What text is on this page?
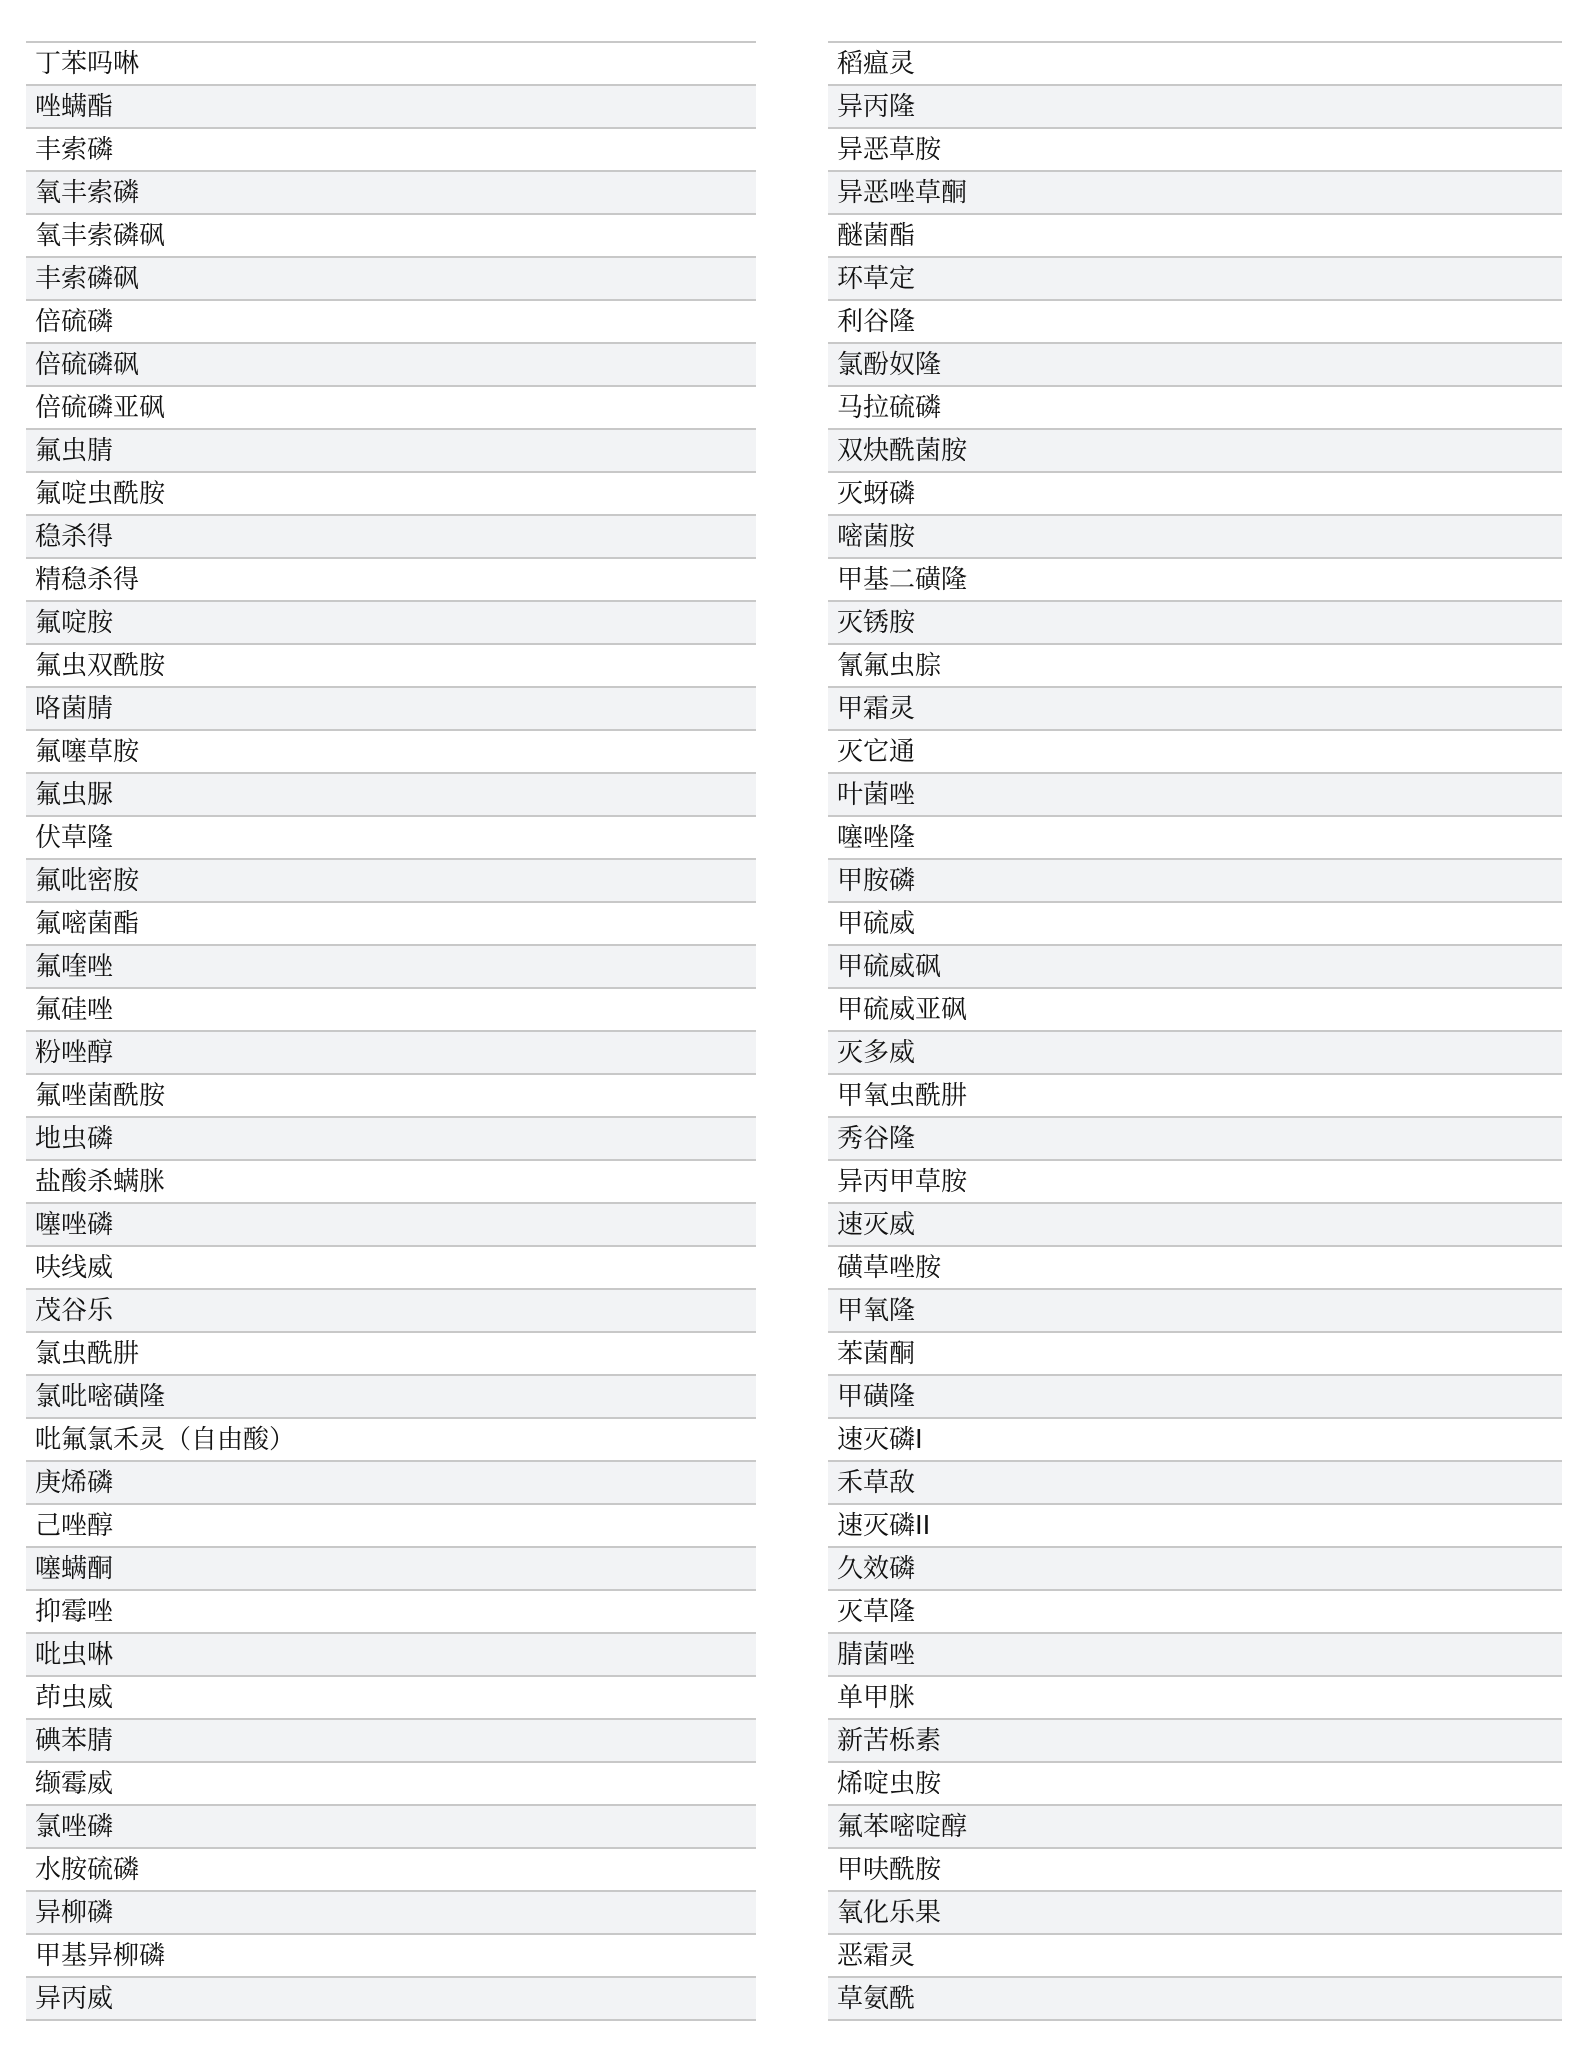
丁苯吗啉
唑螨酯
丰索磷
氧丰索磷
氧丰索磷砜
丰索磷砜
倍硫磷
倍硫磷砜
倍硫磷亚砜
氟虫腈
氟啶虫酰胺
稳杀得
精稳杀得
氟啶胺
氟虫双酰胺
咯菌腈
氟噻草胺
氟虫脲
伏草隆
氟吡密胺
氟嘧菌酯
氟喹唑
氟硅唑
粉唑醇
氟唑菌酰胺
地虫磷
盐酸杀螨脒
噻唑磷
呋线威
茂谷乐
氯虫酰肼
氯吡嘧磺隆
吡氟氯禾灵（自由酸）
庚烯磷
己唑醇
噻螨酮
抑霉唑
吡虫啉
茚虫威
碘苯腈
缬霉威
氯唑磷
水胺硫磷
异柳磷
甲基异柳磷
异丙威
稻瘟灵
异丙隆
异恶草胺
异恶唑草酮
醚菌酯
环草定
利谷隆
氯酚奴隆
马拉硫磷
双炔酰菌胺
灭蚜磷
嘧菌胺
甲基二磺隆
灭锈胺
氰氟虫腙
甲霜灵
灭它通
叶菌唑
噻唑隆
甲胺磷
甲硫威
甲硫威砜
甲硫威亚砜
灭多威
甲氧虫酰肼
秀谷隆
异丙甲草胺
速灭威
磺草唑胺
甲氧隆
苯菌酮
甲磺隆
速灭磷I
禾草敌
速灭磷II
久效磷
灭草隆
腈菌唑
单甲脒
新苦栎素
烯啶虫胺
氟苯嘧啶醇
甲呋酰胺
氧化乐果
恶霜灵
草氨酰
